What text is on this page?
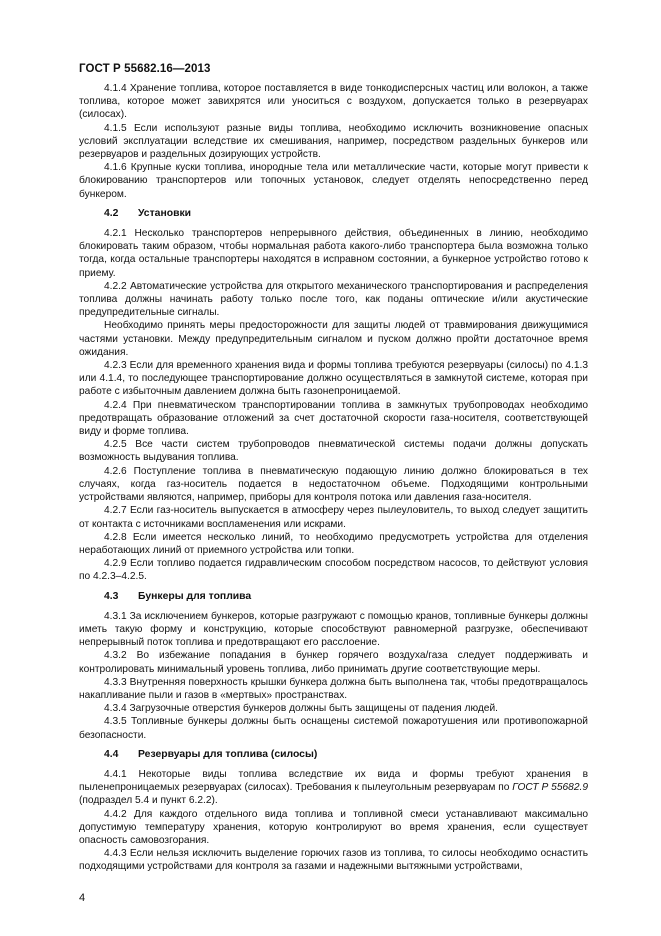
ГОСТ Р 55682.16—2013

4.1.4 Хранение топлива, которое поставляется в виде тонкодисперсных частиц или волокон, а также топлива, которое может завихрятся или уноситься с воздухом, допускается только в резервуарах (силосах).

4.1.5 Если используют разные виды топлива, необходимо исключить возникновение опасных условий эксплуатации вследствие их смешивания, например, посредством раздельных бункеров или резервуаров и раздельных дозирующих устройств.

4.1.6 Крупные куски топлива, инородные тела или металлические части, которые могут привести к блокированию транспортеров или топочных установок, следует отделять непосредственно перед бункером.

4.2 Установки

4.2.1 Несколько транспортеров непрерывного действия, объединенных в линию, необходимо блокировать таким образом, чтобы нормальная работа какого-либо транспортера была возможна только тогда, когда остальные транспортеры находятся в исправном состоянии, а бункерное устройство готово к приему.

4.2.2 Автоматические устройства для открытого механического транспортирования и распределения топлива должны начинать работу только после того, как поданы оптические и/или акустические предупредительные сигналы.

Необходимо принять меры предосторожности для защиты людей от травмирования движущимися частями установки. Между предупредительным сигналом и пуском должно пройти достаточное время ожидания.

4.2.3 Если для временного хранения вида и формы топлива требуются резервуары (силосы) по 4.1.3 или 4.1.4, то последующее транспортирование должно осуществляться в замкнутой системе, которая при работе с избыточным давлением должна быть газонепроницаемой.

4.2.4 При пневматическом транспортировании топлива в замкнутых трубопроводах необходимо предотвращать образование отложений за счет достаточной скорости газа-носителя, соответствующей виду и форме топлива.

4.2.5 Все части систем трубопроводов пневматической системы подачи должны допускать возможность выдувания топлива.

4.2.6 Поступление топлива в пневматическую подающую линию должно блокироваться в тех случаях, когда газ-носитель подается в недостаточном объеме. Подходящими контрольными устройствами являются, например, приборы для контроля потока или давления газа-носителя.

4.2.7 Если газ-носитель выпускается в атмосферу через пылеуловитель, то выход следует защитить от контакта с источниками воспламенения или искрами.

4.2.8 Если имеется несколько линий, то необходимо предусмотреть устройства для отделения неработающих линий от приемного устройства или топки.

4.2.9 Если топливо подается гидравлическим способом посредством насосов, то действуют условия по 4.2.3–4.2.5.

4.3 Бункеры для топлива

4.3.1 За исключением бункеров, которые разгружают с помощью кранов, топливные бункеры должны иметь такую форму и конструкцию, которые способствуют равномерной разгрузке, обеспечивают непрерывный поток топлива и предотвращают его расслоение.

4.3.2 Во избежание попадания в бункер горячего воздуха/газа следует поддерживать и контролировать минимальный уровень топлива, либо принимать другие соответствующие меры.

4.3.3 Внутренняя поверхность крышки бункера должна быть выполнена так, чтобы предотвращалось накапливание пыли и газов в «мертвых» пространствах.

4.3.4 Загрузочные отверстия бункеров должны быть защищены от падения людей.

4.3.5 Топливные бункеры должны быть оснащены системой пожаротушения или противопожарной безопасности.

4.4 Резервуары для топлива (силосы)

4.4.1 Некоторые виды топлива вследствие их вида и формы требуют хранения в пыленепроницаемых резервуарах (силосах). Требования к пылеугольным резервуарам по ГОСТ Р 55682.9 (подраздел 5.4 и пункт 6.2.2).

4.4.2 Для каждого отдельного вида топлива и топливной смеси устанавливают максимально допустимую температуру хранения, которую контролируют во время хранения, если существует опасность самовозгорания.

4.4.3 Если нельзя исключить выделение горючих газов из топлива, то силосы необходимо оснастить подходящими устройствами для контроля за газами и надежными вытяжными устройствами,

4
